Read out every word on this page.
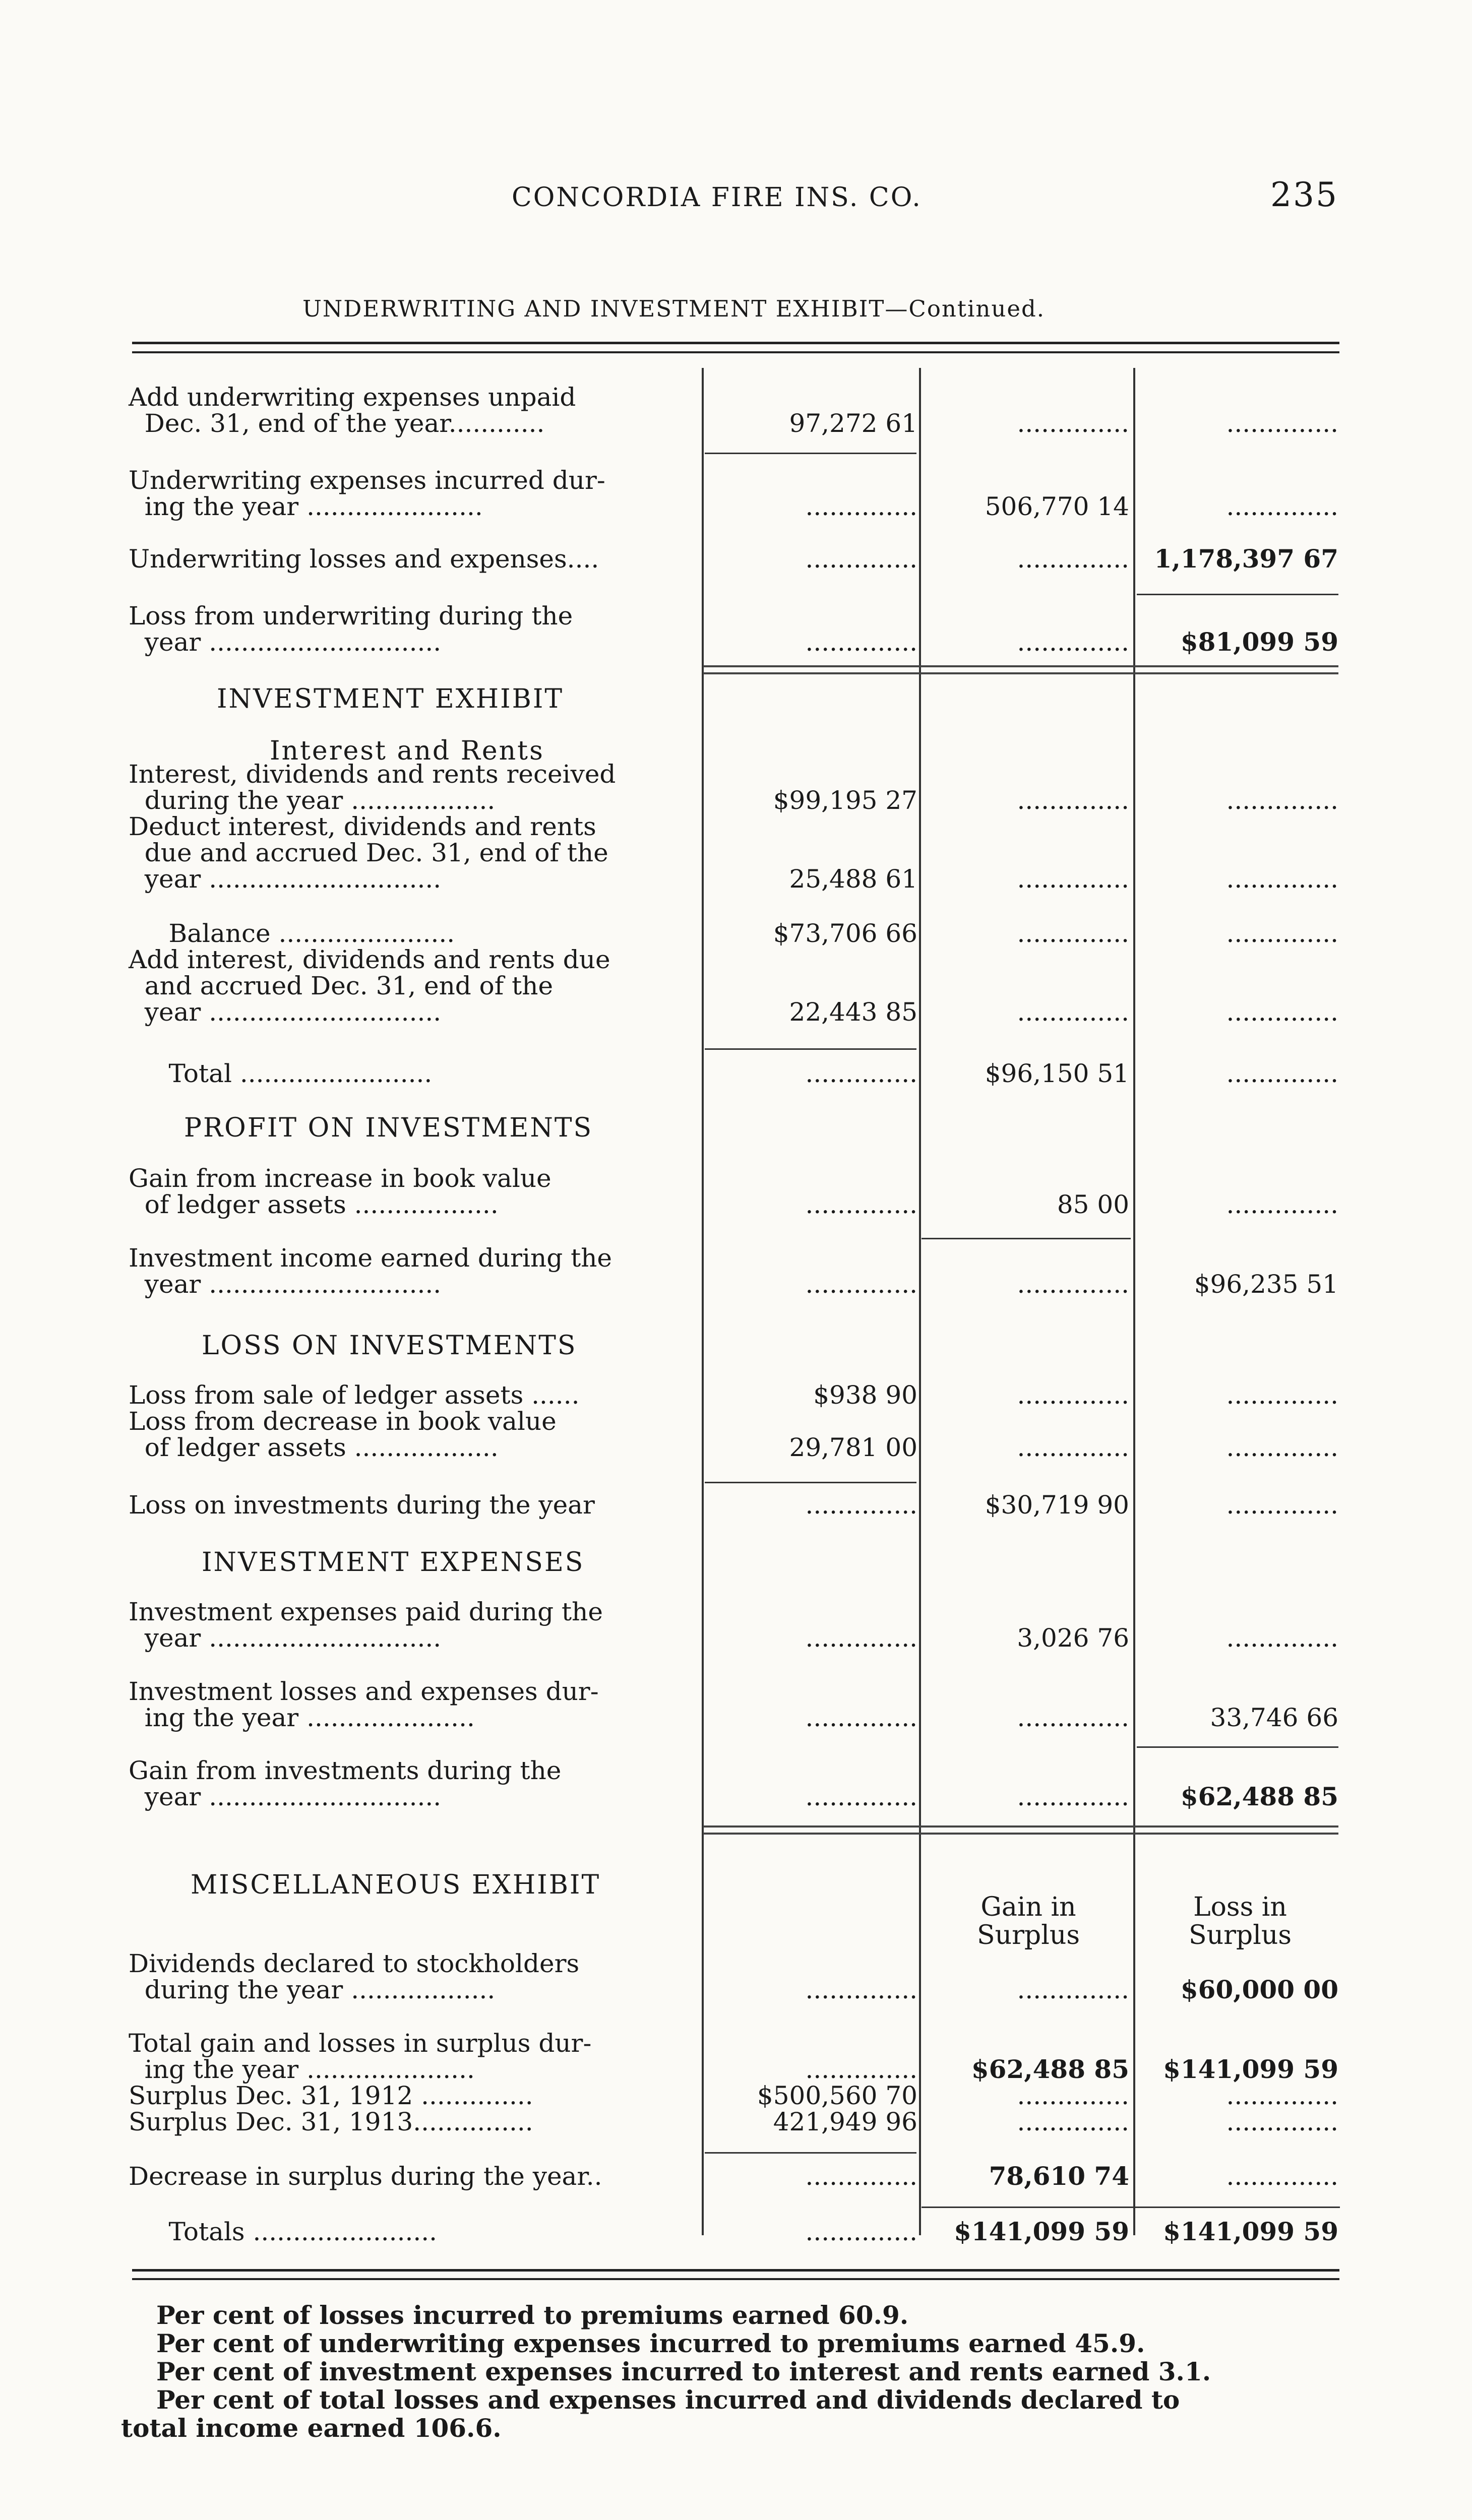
CONCORDIA FIRE INS. CO.	235
UNDERWRITING AND INVESTMENT EXHIBIT—Continued.
INVESTMENT EXHIBIT
Interest and Rents
PROFIT ON INVESTMENTS
LOSS ON INVESTMENTS
INVESTMENT EXPENSES
MISCELLANEOUS EXHIBIT
Gain in
Surplus
Loss in
Surplus
Add underwriting expenses unpaid
Dec. 31, end of the year............	97,272 61	..............	..............
Underwriting expenses incurred dur-
ing the year ......................	..............	506,770 14	..............
Underwriting losses and expenses....	..............	.............. 1,178,397 67
Loss from underwriting during the
year .............................	..............	..............	$81,099 59
Interest, dividends and rents received
during the year ..................	$99,195 27	..............	..............
Deduct interest, dividends and rents
due and accrued Dec. 31, end of the
year .............................	25,488 61	..............	..............
Balance ......................	$73,706 66	..............	..............
Add interest, dividends and rents due
and accrued Dec. 31, end of the
year .............................	22,443 85	..............	..............
Total ........................	..............	$96,150 51	..............
Gain from increase in book value
of ledger assets ..................	..............	85 00	..............
Investment income earned during the
year .............................	..............	..............	$96,235 51
Loss from sale of ledger assets ......	$938 90	..............	..............
Loss from decrease in book value
of ledger assets ..................	29,781 00	..............	..............
Loss on investments during the year	..............	$30,719 90	..............
Investment expenses paid during the
year .............................	..............	3,026 76	..............
Investment losses and expenses dur-
ing the year .....................	..............	..............	33,746 66
Gain from investments during the
year .............................	..............	..............	$62,488 85
Dividends declared to stockholders
during the year ..................	..............	..............	$60,000 00
Total gain and losses in surplus dur-
ing the year .....................	..............	$62,488 85	$141,099 59
Surplus Dec. 31, 1912 ..............	$500,560 70	..............	..............
Surplus Dec. 31, 1913...............	421,949 96	..............	..............
Decrease in surplus during the year..	..............	78,610 74	..............
Totals .......................	..............	$141,099 59	$141,099 59
Per cent of losses incurred to premiums earned 60.9.
Per cent of underwriting expenses incurred to premiums earned 45.9.
Per cent of investment expenses incurred to interest and rents earned 3.1.
Per cent of total losses and expenses incurred and dividends declared to
total income earned 106.6.
